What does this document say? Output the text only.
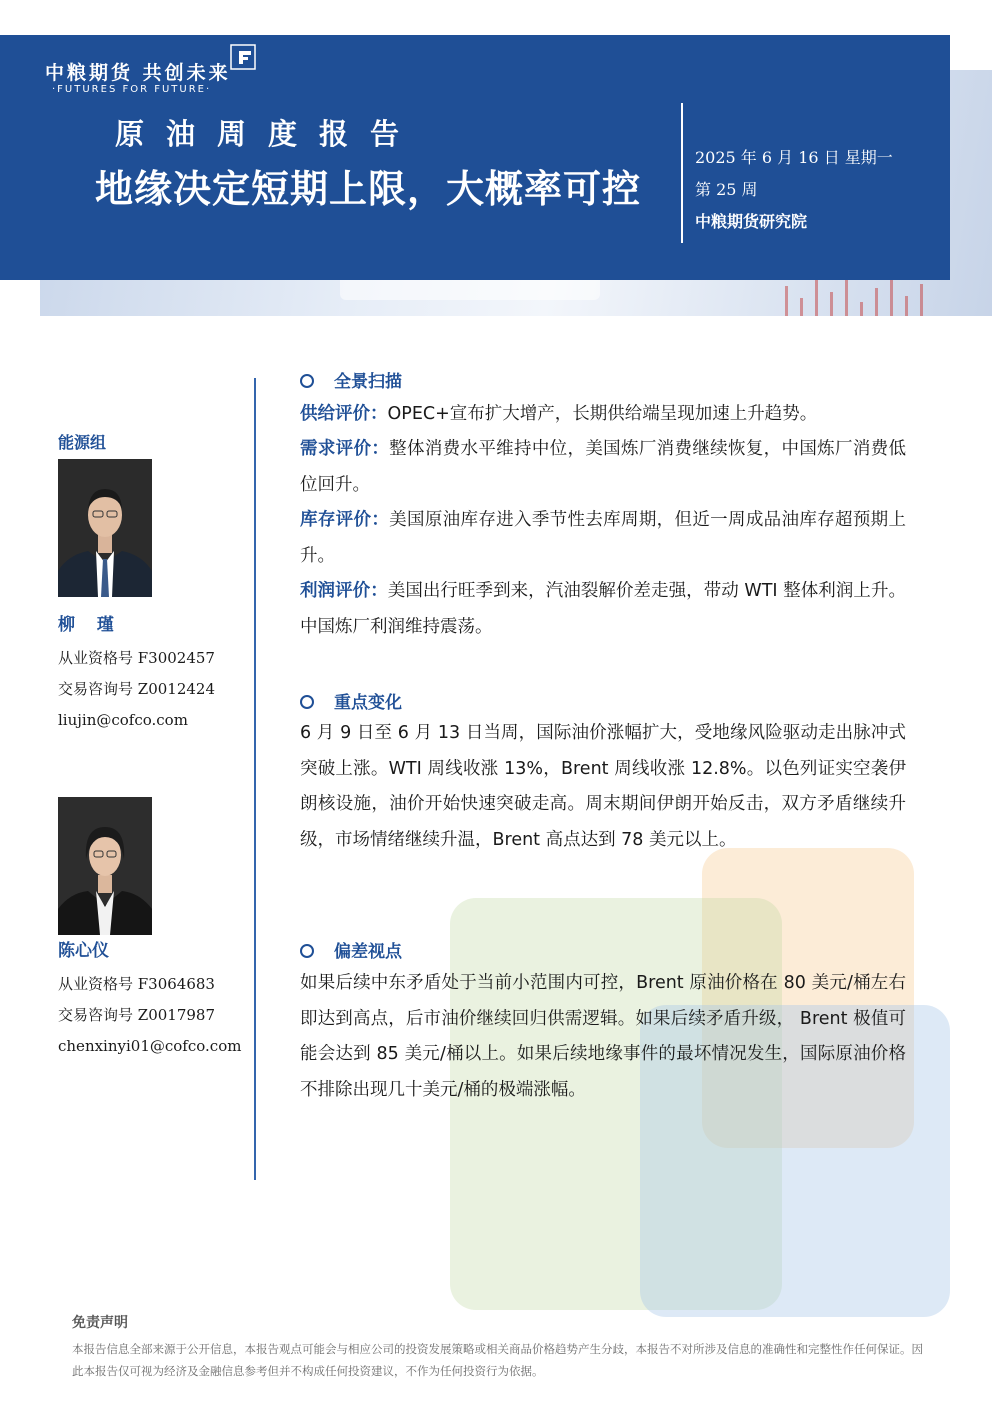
中粮期货 共创未来
·FUTURES FOR FUTURE·
原油周度报告
地缘决定短期上限，大概率可控
2025 年 6 月 16 日 星期一
第 25 周
中粮期货研究院
能源组
柳 瑾
从业资格号 F3002457
交易咨询号 Z0012424
liujin@cofco.com
陈心仪
从业资格号 F3064683
交易咨询号 Z0017987
chenxinyi01@cofco.com
全景扫描
供给评价：OPEC+宣布扩大增产，长期供给端呈现加速上升趋势。
需求评价：整体消费水平维持中位，美国炼厂消费继续恢复，中国炼厂消费低位回升。
库存评价：美国原油库存进入季节性去库周期，但近一周成品油库存超预期上升。
利润评价：美国出行旺季到来，汽油裂解价差走强，带动 WTI 整体利润上升。中国炼厂利润维持震荡。
重点变化
6 月 9 日至 6 月 13 日当周，国际油价涨幅扩大，受地缘风险驱动走出脉冲式突破上涨。WTI 周线收涨 13%，Brent 周线收涨 12.8%。以色列证实空袭伊朗核设施，油价开始快速突破走高。周末期间伊朗开始反击，双方矛盾继续升级，市场情绪继续升温，Brent 高点达到 78 美元以上。
偏差视点
如果后续中东矛盾处于当前小范围内可控，Brent 原油价格在 80 美元/桶左右即达到高点，后市油价继续回归供需逻辑。如果后续矛盾升级， Brent 极值可能会达到 85 美元/桶以上。如果后续地缘事件的最坏情况发生，国际原油价格不排除出现几十美元/桶的极端涨幅。
免责声明
本报告信息全部来源于公开信息，本报告观点可能会与相应公司的投资发展策略或相关商品价格趋势产生分歧，本报告不对所涉及信息的准确性和完整性作任何保证。因此本报告仅可视为经济及金融信息参考但并不构成任何投资建议，不作为任何投资行为依据。
